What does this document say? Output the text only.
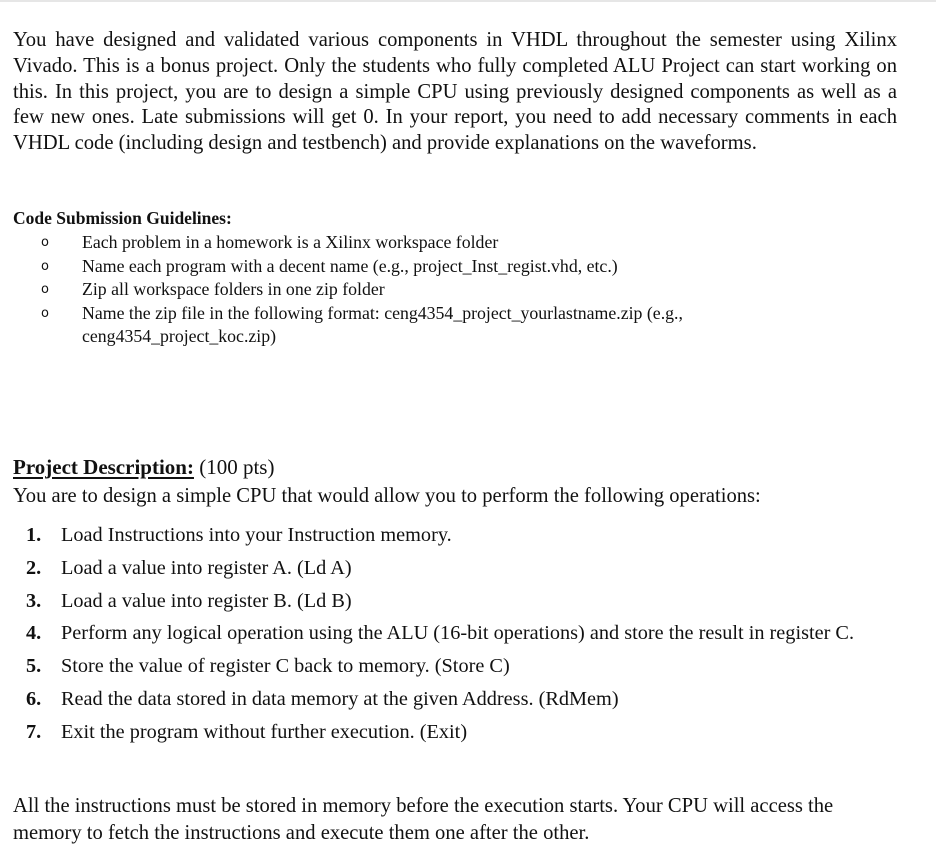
You have designed and validated various components in VHDL throughout the semester using Xilinx Vivado. This is a bonus project. Only the students who fully completed ALU Project can start working on this. In this project, you are to design a simple CPU using previously designed components as well as a few new ones. Late submissions will get 0. In your report, you need to add necessary comments in each VHDL code (including design and testbench) and provide explanations on the waveforms.

Code Submission Guidelines:

o Each problem in a homework is a Xilinx workspace folder
o Name each program with a decent name (e.g., project_Inst_regist.vhd, etc.)
o Zip all workspace folders in one zip folder
o Name the zip file in the following format: ceng4354_project_yourlastname.zip (e.g., ceng4354_project_koc.zip)

Project Description: (100 pts)

You are to design a simple CPU that would allow you to perform the following operations:

1. Load Instructions into your Instruction memory.
2. Load a value into register A. (Ld A)
3. Load a value into register B. (Ld B)
4. Perform any logical operation using the ALU (16-bit operations) and store the result in register C.
5. Store the value of register C back to memory. (Store C)
6. Read the data stored in data memory at the given Address. (RdMem)
7. Exit the program without further execution. (Exit)

All the instructions must be stored in memory before the execution starts. Your CPU will access the memory to fetch the instructions and execute them one after the other.
